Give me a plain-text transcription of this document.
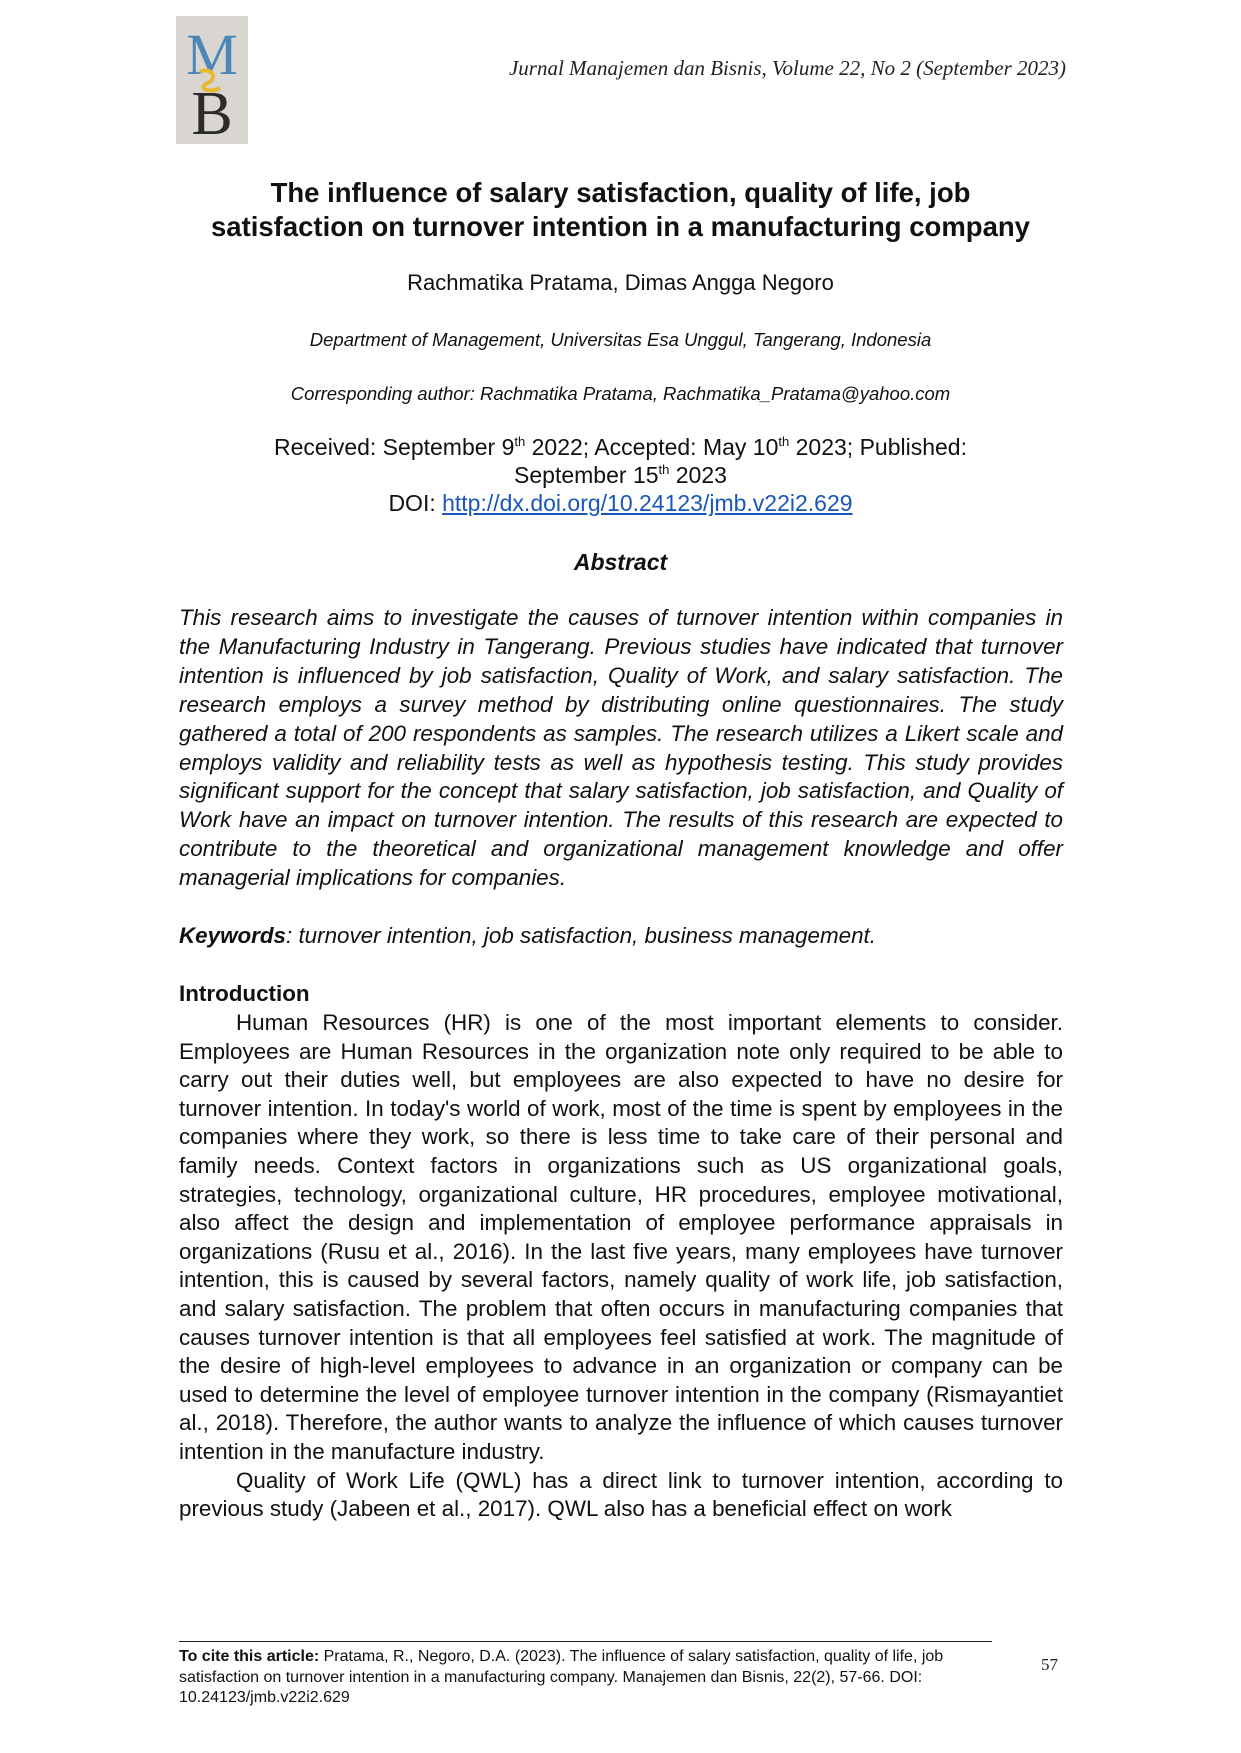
M
B
Jurnal Manajemen dan Bisnis, Volume 22, No 2 (September 2023)
The influence of salary satisfaction, quality of life, job
satisfaction on turnover intention in a manufacturing company
Rachmatika Pratama, Dimas Angga Negoro
Department of Management, Universitas Esa Unggul, Tangerang, Indonesia
Corresponding author: Rachmatika Pratama, Rachmatika_Pratama@yahoo.com
Received: September 9th 2022; Accepted: May 10th 2023; Published:
September 15th 2023
DOI: http://dx.doi.org/10.24123/jmb.v22i2.629
Abstract
This research aims to investigate the causes of turnover intention within companies in the Manufacturing Industry in Tangerang. Previous studies have indicated that turnover intention is influenced by job satisfaction, Quality of Work, and salary satisfaction. The research employs a survey method by distributing online questionnaires. The study gathered a total of 200 respondents as samples. The research utilizes a Likert scale and employs validity and reliability tests as well as hypothesis testing. This study provides significant support for the concept that salary satisfaction, job satisfaction, and Quality of Work have an impact on turnover intention. The results of this research are expected to contribute to the theoretical and organizational management knowledge and offer managerial implications for companies.
Keywords: turnover intention, job satisfaction, business management.
Introduction

Human Resources (HR) is one of the most important elements to consider. Employees are Human Resources in the organization note only required to be able to carry out their duties well, but employees are also expected to have no desire for turnover intention. In today's world of work, most of the time is spent by employees in the companies where they work, so there is less time to take care of their personal and family needs. Context factors in organizations such as US organizational goals, strategies, technology, organizational culture, HR procedures, employee motivational, also affect the design and implementation of employee performance appraisals in organizations (Rusu et al., 2016). In the last five years, many employees have turnover intention, this is caused by several factors, namely quality of work life, job satisfaction, and salary satisfaction. The problem that often occurs in manufacturing companies that causes turnover intention is that all employees feel satisfied at work. The magnitude of the desire of high-level employees to advance in an organization or company can be used to determine the level of employee turnover intention in the company (Rismayantiet al., 2018). Therefore, the author wants to analyze the influence of which causes turnover intention in the manufacture industry.

Quality of Work Life (QWL) has a direct link to turnover intention, according to previous study (Jabeen et al., 2017). QWL also has a beneficial effect on work

To cite this article: Pratama, R., Negoro, D.A. (2023). The influence of salary satisfaction, quality of life, job satisfaction on turnover intention in a manufacturing company. Manajemen dan Bisnis, 22(2), 57-66. DOI: 10.24123/jmb.v22i2.629
57
